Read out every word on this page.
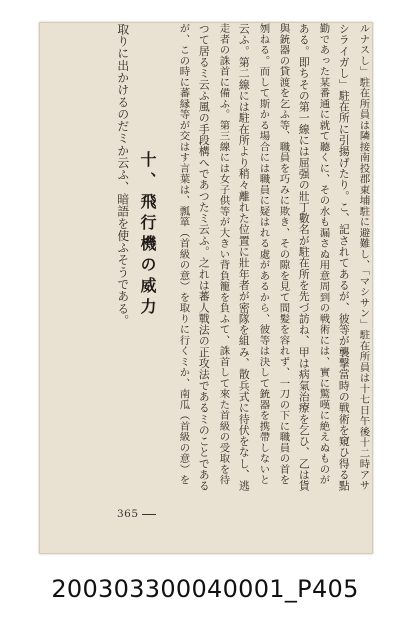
ルナスし」駐在所員は隣接南投郡東埔駐に避難し、「マシサン」駐在所員は十七日午後十二時アサ
シライガし」駐在所に引揚げたり。こ、記されてあるが、彼等が襲撃當時の戦術を窺ひ得る點
勤であった某番通に就て聽くに、その水も漏さぬ用意周到の戦術には、實に驚嘆に絶えぬものが
ある。即ちその第一線には屈强の壯丁數名が駐在所を先づ訪ね、甲は病氣治療を乞ひ、乙は貨
與銃器の貸渡を乞ふ等、職員を巧みに欺き、その隙を見て間髪を容れず、一刀の下に職員の首を
刎ねる。而して斯かる場合には職員に疑はれる處があるから、彼等は決して銃器を携帶しないと
云ふ。第二線には駐在所より稍々離れた位置に壯年者が密隊を組み、散兵式に待伏をなし、逃
走者の誅首に備ふ。第三線には女子供等が大きい背負籠を負ふて、誅首して來た首級の受取を待
つて居るミ云ふ風の手段構へであつたミ云ふ。之れは蕃人戰法の正攻法であるミのことである
が、この時に蕃縁等が交はす言葉は、瓢箪（首級の意）を取りに行くミか、南瓜（首級の意）を
取りに出かけるのだミか云ふ、暗語を使ふそうである。 十、飛行機の威力
365
200303300040001_P405
